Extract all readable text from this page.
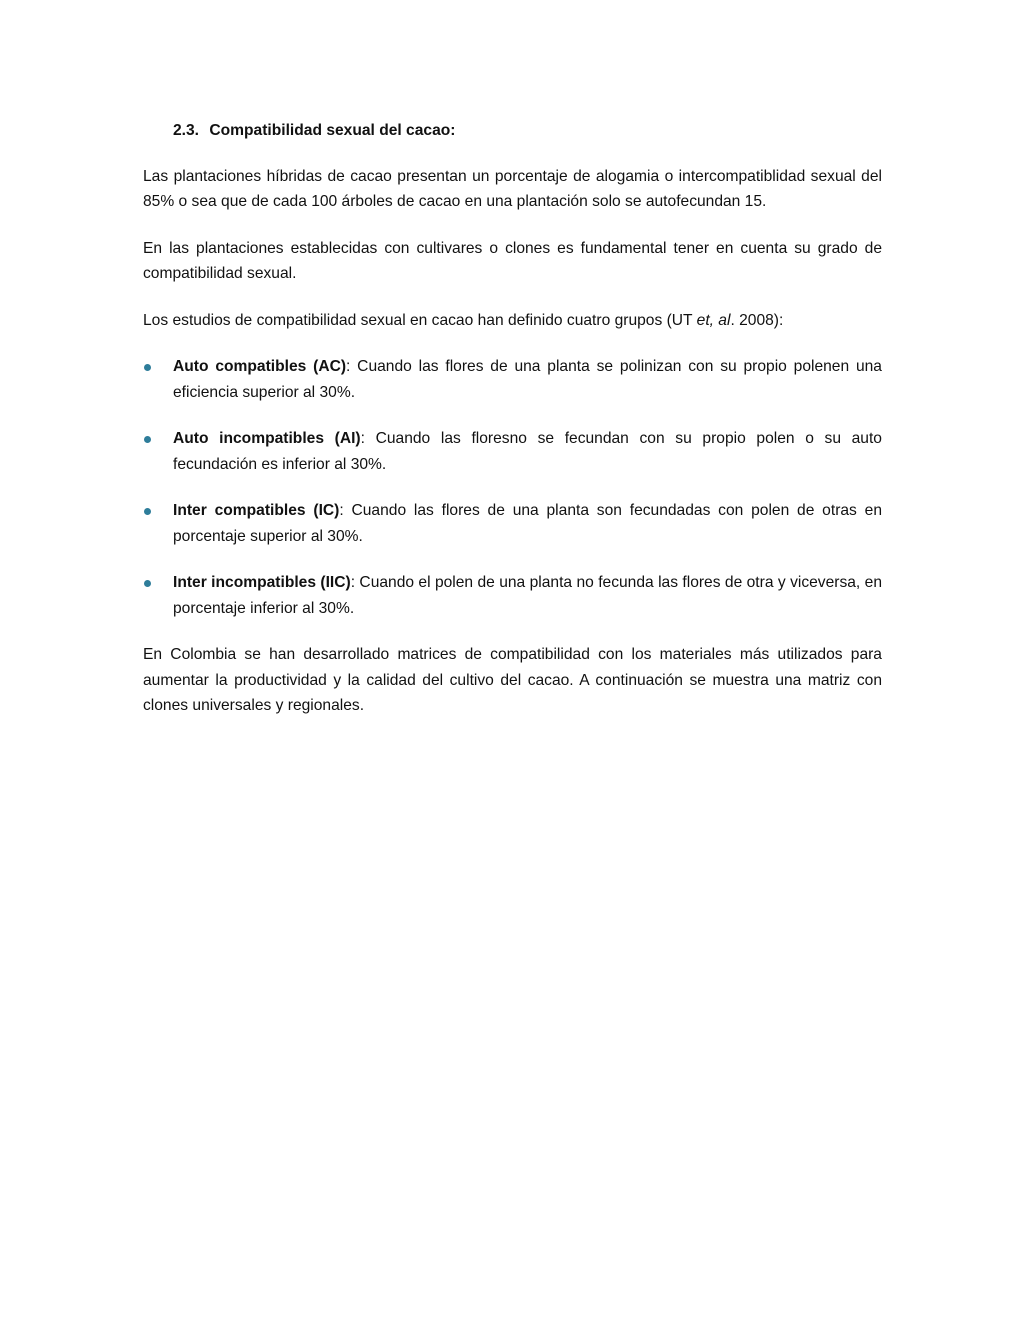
2.3. Compatibilidad sexual del cacao:

Las plantaciones híbridas de cacao presentan un porcentaje de alogamia o intercompatiblidad sexual del 85% o sea que de cada 100 árboles de cacao en una plantación solo se autofecundan 15.

En las plantaciones establecidas con cultivares o clones es fundamental tener en cuenta su grado de compatibilidad sexual.

Los estudios de compatibilidad sexual en cacao han definido cuatro grupos (UT et, al. 2008):

Auto compatibles (AC): Cuando las flores de una planta se polinizan con su propio polenen una eficiencia superior al 30%.
Auto incompatibles (AI): Cuando las floresno se fecundan con su propio polen o su auto fecundación es inferior al 30%.
Inter compatibles (IC): Cuando las flores de una planta son fecundadas con polen de otras en porcentaje superior al 30%.
Inter incompatibles (IIC): Cuando el polen de una planta no fecunda las flores de otra y viceversa, en porcentaje inferior al 30%.

En Colombia se han desarrollado matrices de compatibilidad con los materiales más utilizados para aumentar la productividad y la calidad del cultivo del cacao. A continuación se muestra una matriz con clones universales y regionales.
